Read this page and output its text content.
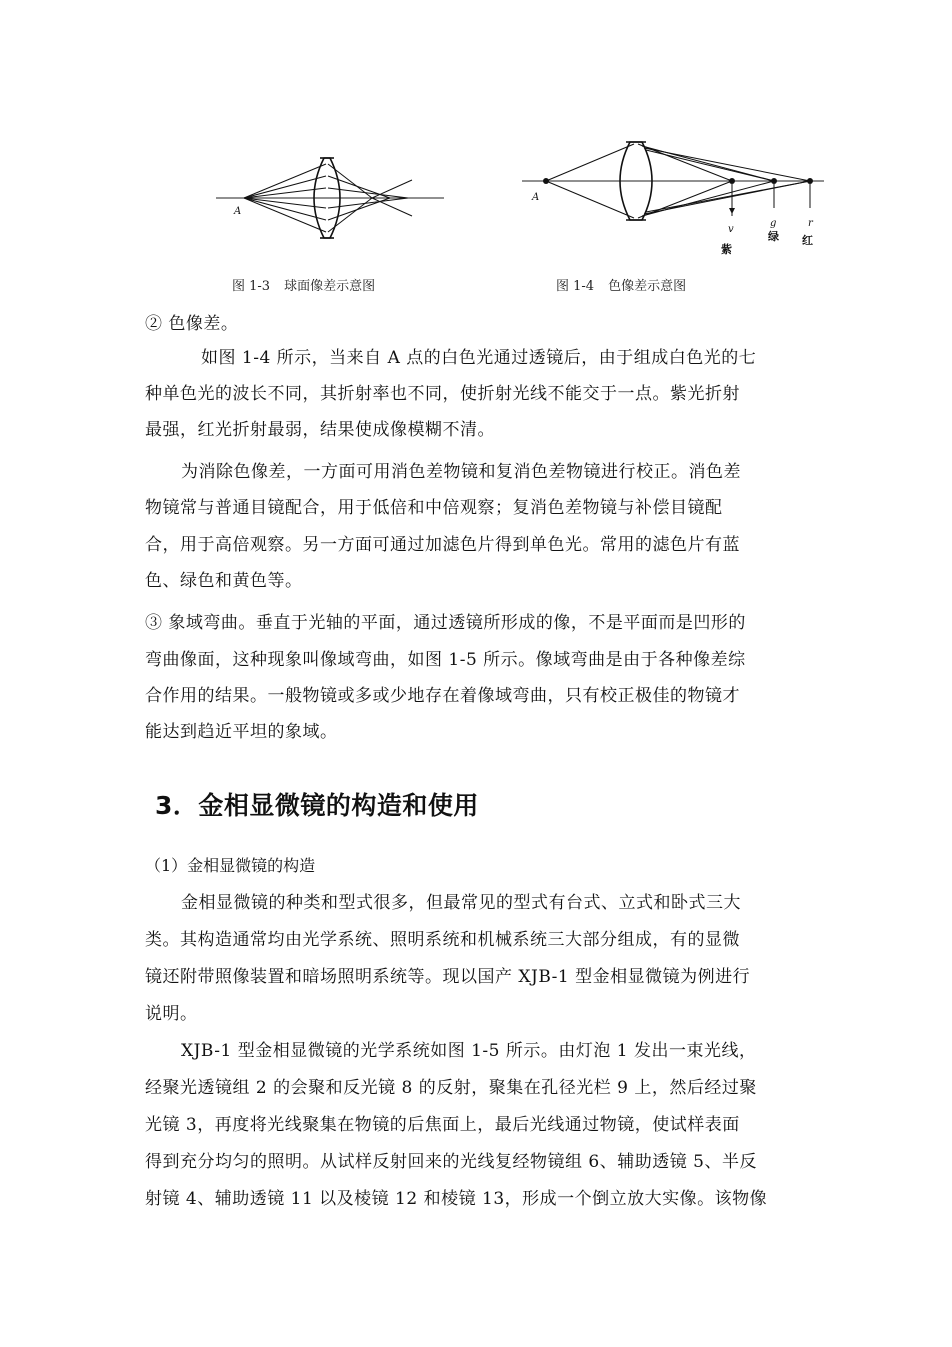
A
图 1-3 球面像差示意图
A
v
g	r
紫
绿 红
图 1-4 色像差示意图
② 色像差。
如图 1-4 所示，当来自 A 点的白色光通过透镜后，由于组成白色光的七
种单色光的波长不同，其折射率也不同，使折射光线不能交于一点。紫光折射
最强，红光折射最弱，结果使成像模糊不清。
为消除色像差，一方面可用消色差物镜和复消色差物镜进行校正。消色差
物镜常与普通目镜配合，用于低倍和中倍观察；复消色差物镜与补偿目镜配
合，用于高倍观察。另一方面可通过加滤色片得到单色光。常用的滤色片有蓝
色、绿色和黄色等。
③ 象域弯曲。垂直于光轴的平面，通过透镜所形成的像，不是平面而是凹形的
弯曲像面，这种现象叫像域弯曲，如图 1-5 所示。像域弯曲是由于各种像差综
合作用的结果。一般物镜或多或少地存在着像域弯曲，只有校正极佳的物镜才
能达到趋近平坦的象域。
3．金相显微镜的构造和使用
（1）金相显微镜的构造
金相显微镜的种类和型式很多，但最常见的型式有台式、立式和卧式三大
类。其构造通常均由光学系统、照明系统和机械系统三大部分组成，有的显微
镜还附带照像装置和暗场照明系统等。现以国产 XJB-1 型金相显微镜为例进行
说明。
XJB-1 型金相显微镜的光学系统如图 1-5 所示。由灯泡 1 发出一束光线，
经聚光透镜组 2 的会聚和反光镜 8 的反射，聚集在孔径光栏 9 上，然后经过聚
光镜 3，再度将光线聚集在物镜的后焦面上，最后光线通过物镜，使试样表面
得到充分均匀的照明。从试样反射回来的光线复经物镜组 6、辅助透镜 5、半反
射镜 4、辅助透镜 11 以及棱镜 12 和棱镜 13，形成一个倒立放大实像。该物像
